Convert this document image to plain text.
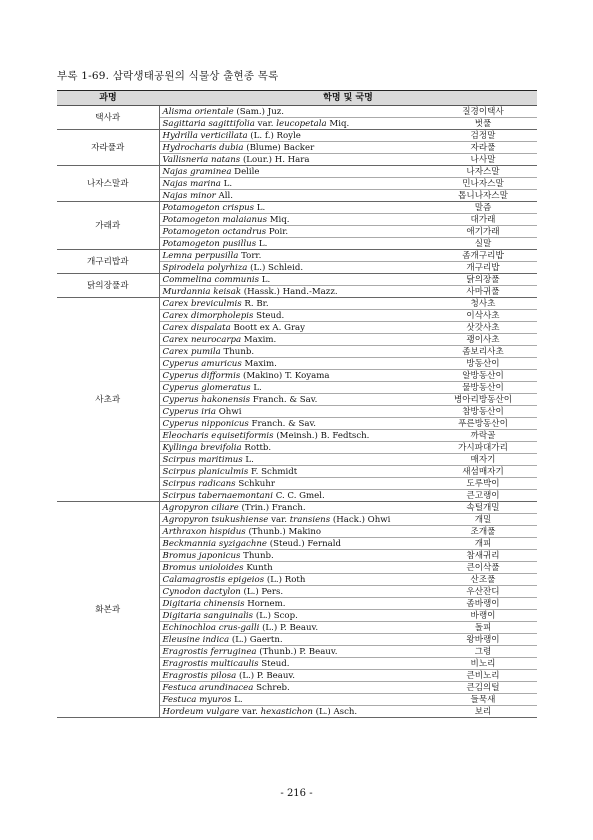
부록 1-69. 삼락생태공원의 식물상 출현종 목록
과명	학명 및 국명	
택사과	Alisma orientale (Sam.) Juz.	질경이택사
	Sagittaria sagittifolia var. leucopetala Miq.	벗풀
자라풀과	Hydrilla verticillata (L. f.) Royle	검정말
	Hydrocharis dubia (Blume) Backer	자라풀
	Vallisneria natans (Lour.) H. Hara	나사말
나자스말과	Najas graminea Delile	나자스말
	Najas marina L.	민나자스말
	Najas minor All.	톱니나자스말
가래과	Potamogeton crispus L.	말즘
	Potamogeton malaianus Miq.	대가래
	Potamogeton octandrus Poir.	애기가래
	Potamogeton pusillus L.	실말
개구리밥과	Lemna perpusilla Torr.	좀개구리밥
	Spirodela polyrhiza (L.) Schleid.	개구리밥
닭의장풀과	Commelina communis L.	닭의장풀
	Murdannia keisak (Hassk.) Hand.-Mazz.	사마귀풀
사초과	Carex breviculmis R. Br.	청사초
	Carex dimorpholepis Steud.	이삭사초
	Carex dispalata Boott ex A. Gray	삿갓사초
	Carex neurocarpa Maxim.	괭이사초
	Carex pumila Thunb.	좀보리사초
	Cyperus amuricus Maxim.	방동산이
	Cyperus difformis (Makino) T. Koyama	알방동산이
	Cyperus glomeratus L.	물방동산이
	Cyperus hakonensis Franch. & Sav.	병아리방동산이
	Cyperus iria Ohwi	참방동산이
	Cyperus nipponicus Franch. & Sav.	푸른방동산이
	Eleocharis equisetiformis (Meinsh.) B. Fedtsch.	까락골
	Kyllinga brevifolia Rottb.	가시파대가리
	Scirpus maritimus L.	매자기
	Scirpus planiculmis F. Schmidt	새섬매자기
	Scirpus radicans Schkuhr	도루박이
	Scirpus tabernaemontani C. C. Gmel.	큰고랭이
화본과	Agropyron ciliare (Trin.) Franch.	속털개밀
	Agropyron tsukushiense var. transiens (Hack.) Ohwi	개밀
	Arthraxon hispidus (Thunb.) Makino	조개풀
	Beckmannia syzigachne (Steud.) Fernald	개피
	Bromus japonicus Thunb.	참새귀리
	Bromus unioloides Kunth	큰이삭풀
	Calamagrostis epigeios (L.) Roth	산조풀
	Cynodon dactylon (L.) Pers.	우산잔디
	Digitaria chinensis Hornem.	좀바랭이
	Digitaria sanguinalis (L.) Scop.	바랭이
	Echinochloa crus-galli (L.) P. Beauv.	돌피
	Eleusine indica (L.) Gaertn.	왕바랭이
	Eragrostis ferruginea (Thunb.) P. Beauv.	그령
	Eragrostis multicaulis Steud.	비노리
	Eragrostis pilosa (L.) P. Beauv.	큰비노리
	Festuca arundinacea Schreb.	큰김의털
	Festuca myuros L.	들묵새
	Hordeum vulgare var. hexastichon (L.) Asch.	보리
- 216 -
